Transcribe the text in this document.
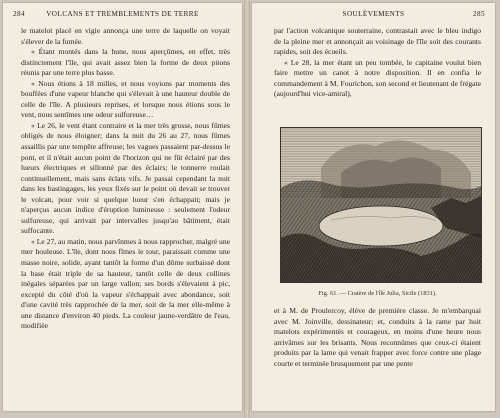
284	VOLCANS ET TREMBLEMENTS DE TERRE

le matelot placé en vigie annonça une terre de laquelle on voyait s'élever de la fumée.

« Étant montés dans la hune, nous aperçûmes, en effet, très distinctement l'île, qui avait assez bien la forme de deux pitons réunis par une terre plus basse.

« Nous étions à 18 milles, et nous voyions par moments des bouffées d'une vapeur blanche qui s'élevait à une hauteur double de celle de l'île. A plusieurs reprises, et lorsque nous étions sous le vent, nous sentîmes une odeur sulfureuse…

« Le 26, le vent étant contraire et la mer très grosse, nous fûmes obligés de nous éloigner; dans la nuit du 26 au 27, nous fûmes assaillis par une tempête affreuse; les vagues passaient par-dessus le pont, et il n'était aucun point de l'horizon qui ne fût éclairé par des lueurs électriques et sillonné par des éclairs; le tonnerre roulait continuellement, mais sans éclats vifs. Je passai cependant la nuit dans les bastingages, les yeux fixés sur le point où devait se trouver le volcan, pour voir si quelque lueur s'en échappait; mais je n'aperçus aucun indice d'éruption lumineuse : seulement l'odeur sulfureuse, qui arrivait par intervalles jusqu'au bâtiment, était suffocante.

« Le 27, au matin, nous parvînmes à nous rapprocher, malgré une mer houleuse. L'île, dont nous fîmes le tour, paraissait comme une masse noire, solide, ayant tantôt la forme d'un dôme surbaissé dont la base était triple de sa hauteur, tantôt celle de deux collines inégales séparées par un large vallon; ses bords s'élevaient à pic, excepté du côté d'où la vapeur s'échappait avec abondance, soit d'une cavité très rapprochée de la mer, soit de la mer elle-même à une distance d'environ 40 pieds. La couleur jaune-verdâtre de l'eau, modifiée

SOULÈVEMENTS	285

par l'action volcanique souterraine, contrastait avec le bleu indigo de la pleine mer et annonçait au voisinage de l'île soit des courants rapides, soit des écueils.

« Le 28, la mer étant un peu tombée, le capitaine voulut bien faire mettre un canot à notre disposition. Il en confia le commandement à M. Fourichon, son second et lieutenant de frégate (aujourd'hui vice-amiral),

Fig. 61. — Cratère de l'île Julia, Sicile (1831).

et à M. de Proulercoy, élève de première classe. Je m'embarquai avec M. Joinville, dessinateur; et, conduits à la rame par huit matelots expérimentés et courageux, en moins d'une heure nous arrivâmes sur les brisants. Nous reconnûmes que ceux-ci étaient produits par la lame qui venait frapper avec force contre une plage courte et terminée brusquement par une pente
